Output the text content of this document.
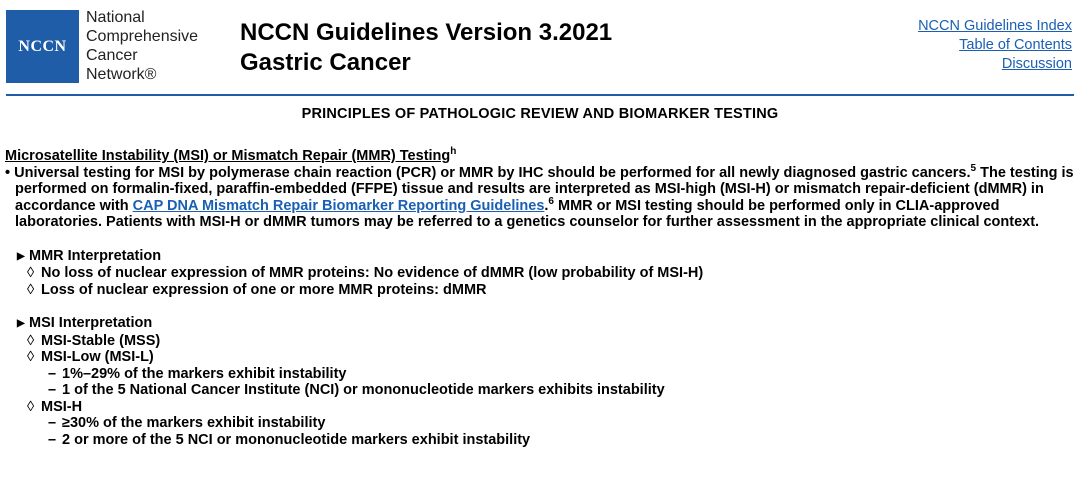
NCCN
National
Comprehensive
Cancer
Network®
NCCN Guidelines Version 3.2021
Gastric Cancer
NCCN Guidelines Index
Table of Contents
Discussion
PRINCIPLES OF PATHOLOGIC REVIEW AND BIOMARKER TESTING
Microsatellite Instability (MSI) or Mismatch Repair (MMR) Testing$^h$

• Universal testing for MSI by polymerase chain reaction (PCR) or MMR by IHC should be performed for all newly diagnosed gastric cancers.$^5$ The testing is performed on formalin-fixed, paraffin-embedded (FFPE) tissue and results are interpreted as MSI-high (MSI-H) or mismatch repair-deficient (dMMR) in accordance with CAP DNA Mismatch Repair Biomarker Reporting Guidelines.$^6$ MMR or MSI testing should be performed only in CLIA-approved laboratories. Patients with MSI-H or dMMR tumors may be referred to a genetics counselor for further assessment in the appropriate clinical context.

▶ MMR Interpretation
◊ No loss of nuclear expression of MMR proteins: No evidence of dMMR (low probability of MSI-H)
◊ Loss of nuclear expression of one or more MMR proteins: dMMR
▶ MSI Interpretation
◊ MSI-Stable (MSS)
◊ MSI-Low (MSI-L)
– 1%–29% of the markers exhibit instability
– 1 of the 5 National Cancer Institute (NCI) or mononucleotide markers exhibits instability
◊ MSI-H
– ≥30% of the markers exhibit instability
– 2 or more of the 5 NCI or mononucleotide markers exhibit instability
